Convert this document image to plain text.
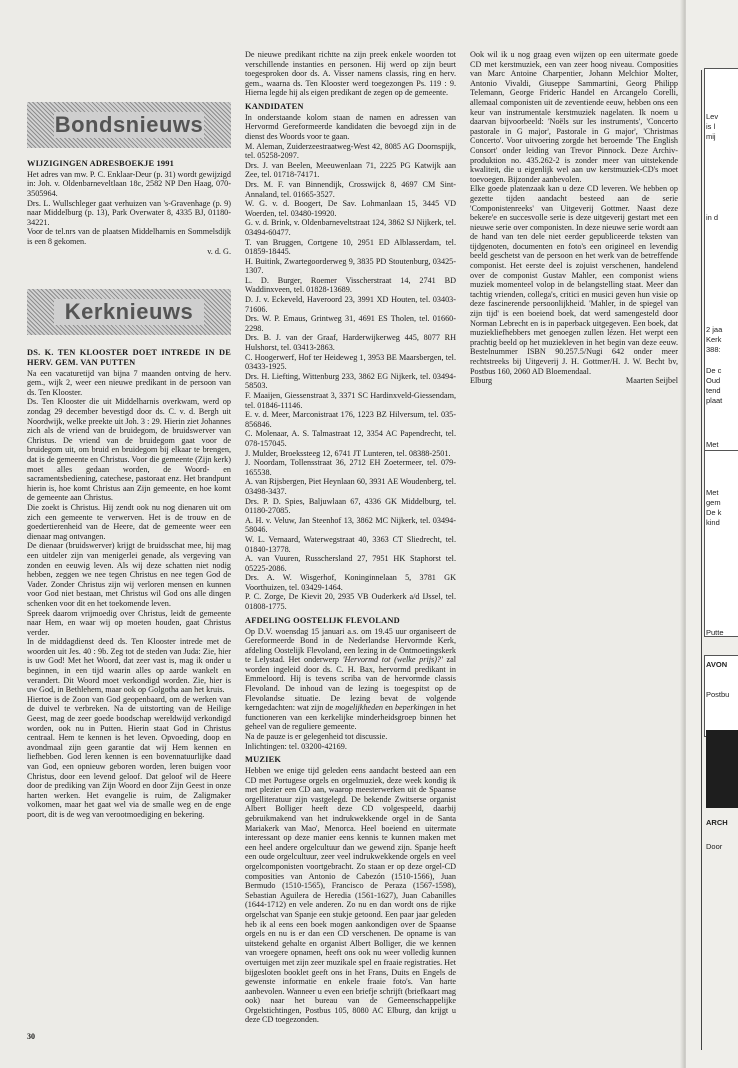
Bondsnieuws
WIJZIGINGEN ADRESBOEKJE 1991

Het adres van mw. P. C. Enklaar-Deur (p. 31) wordt gewijzigd in: Joh. v. Oldenbarneveltlaan 18c, 2582 NP Den Haag, 070-3505964.

Drs. L. Wullschleger gaat verhuizen van 's-Gravenhage (p. 9) naar Middelburg (p. 13), Park Overwater 8, 4335 BJ, 01180-34221.

Voor de tel.nrs van de plaatsen Middelharnis en Sommelsdijk is een 8 gekomen.

v. d. G.

Kerknieuws
DS. K. TEN KLOOSTER DOET INTREDE IN DE HERV. GEM. VAN PUTTEN

Na een vacaturetijd van bijna 7 maanden ontving de herv. gem., wijk 2, weer een nieuwe predikant in de persoon van ds. Ten Klooster.

Ds. Ten Klooster die uit Middelharnis overkwam, werd op zondag 29 december bevestigd door ds. C. v. d. Bergh uit Noordwijk, welke preekte uit Joh. 3 : 29. Hierin ziet Johannes zich als de vriend van de bruidegom, de bruidswerver van Christus. De vriend van de bruidegom gaat voor de bruidegom uit, om bruid en bruidegom bij elkaar te brengen, dat is de gemeente en Christus. Voor die gemeente (Zijn kerk) moet alles gedaan worden, de Woord- en sacramentsbediening, catechese, pastoraat enz. Het brandpunt hierin is, hoe komt Christus aan Zijn gemeente, en hoe komt de gemeente aan Christus.

Die zoekt is Christus. Hij zendt ook nu nog dienaren uit om zich een gemeente te verwerven. Het is de trouw en de goedertierenheid van de Heere, dat de gemeente weer een dienaar mag ontvangen.

De dienaar (bruidswerver) krijgt de bruidsschat mee, hij mag een uitdeler zijn van menigerlei genade, als vergeving van zonden en eeuwig leven. Als wij deze schatten niet nodig hebben, zeggen we nee tegen Christus en nee tegen God de Vader. Zonder Christus zijn wij verloren mensen en kunnen voor God niet bestaan, met Christus wil God ons alle dingen schenken voor dit en het toekomende leven.

Spreek daarom vrijmoedig over Christus, leidt de gemeente naar Hem, en waar wij op moeten houden, gaat Christus verder.

In de middagdienst deed ds. Ten Klooster intrede met de woorden uit Jes. 40 : 9b. Zeg tot de steden van Juda: Zie, hier is uw God! Met het Woord, dat zeer vast is, mag ik onder u beginnen, in een tijd waarin alles op aarde wankelt en verandert. Dit Woord moet verkondigd worden. Zie, hier is uw God, in Bethlehem, maar ook op Golgotha aan het kruis.

Hiertoe is de Zoon van God geopenbaard, om de werken van de duivel te verbreken. Na de uitstorting van de Heilige Geest, mag de zeer goede boodschap wereldwijd verkondigd worden, ook nu in Putten. Hierin staat God in Christus centraal. Hem te kennen is het leven. Opvoeding, doop en avondmaal zijn geen garantie dat wij Hem kennen en liefhebben. God leren kennen is een bovennatuurlijke daad van God, een opnieuw geboren worden, leren buigen voor Christus, door een levend geloof. Dat geloof wil de Heere door de prediking van Zijn Woord en door Zijn Geest in onze harten werken. Het evangelie is ruim, de Zaligmaker volkomen, maar het gaat wel via de smalle weg en de enge poort, dit is de weg van verootmoediging en bekering.

30

De nieuwe predikant richtte na zijn preek enkele woorden tot verschillende instanties en personen. Hij werd op zijn beurt toegesproken door ds. A. Visser namens classis, ring en herv. gem., waarna ds. Ten Klooster werd toegezongen Ps. 119 : 9. Hierna legde hij als eigen predikant de zegen op de gemeente.

KANDIDATEN

In onderstaande kolom staan de namen en adressen van Hervormd Gereformeerde kandidaten die bevoegd zijn in de dienst des Woords voor te gaan.

M. Aleman, Zuiderzeestraatweg-West 42, 8085 AG Doornspijk, tel. 05258-2097.

Drs. J. van Beelen, Meeuwenlaan 71, 2225 PG Katwijk aan Zee, tel. 01718-74171.

Drs. M. F. van Binnendijk, Crosswijck 8, 4697 CM Sint-Annaland, tel. 01665-3527.

W. G. v. d. Boogert, De Sav. Lohmanlaan 15, 3445 VD Woerden, tel. 03480-19920.

G. v. d. Brink, v. Oldenbarneveltstraat 124, 3862 SJ Nijkerk, tel. 03494-60477.

T. van Bruggen, Cortgene 10, 2951 ED Alblasserdam, tel. 01859-18445.

H. Buitink, Zwartegoorderweg 9, 3835 PD Stoutenburg, 03425-1307.

L. D. Burger, Roemer Visscherstraat 14, 2741 BD Waddinxveen, tel. 01828-13689.

D. J. v. Eckeveld, Haveroord 23, 3991 XD Houten, tel. 03403-71606.

Drs. W. P. Emaus, Grintweg 31, 4691 ES Tholen, tel. 01660-2298.

Drs. B. J. van der Graaf, Harderwijkerweg 445, 8077 RH Hulshorst, tel. 03413-2863.

C. Hoogerwerf, Hof ter Heideweg 1, 3953 BE Maarsbergen, tel. 03433-1925.

Drs. H. Liefting, Wittenburg 233, 3862 EG Nijkerk, tel. 03494-58503.

F. Maaijen, Giessenstraat 3, 3371 SC Hardinxveld-Giessendam, tel. 01846-11146.

E. v. d. Meer, Marconistraat 176, 1223 BZ Hilversum, tel. 035-856846.

C. Molenaar, A. S. Talmastraat 12, 3354 AC Papendrecht, tel. 078-157045.

J. Mulder, Broekssteeg 12, 6741 JT Lunteren, tel. 08388-2501.

J. Noordam, Tollensstraat 36, 2712 EH Zoetermeer, tel. 079-165538.

A. van Rijsbergen, Piet Heynlaan 60, 3931 AE Woudenberg, tel. 03498-3437.

Drs. P. D. Spies, Baljuwlaan 67, 4336 GK Middelburg, tel. 01180-27085.

A. H. v. Veluw, Jan Steenhof 13, 3862 MC Nijkerk, tel. 03494-58046.

W. L. Vernaard, Waterwegstraat 40, 3363 CT Sliedrecht, tel. 01840-13778.

A. van Vuuren, Russchersland 27, 7951 HK Staphorst tel. 05225-2086.

Drs. A. W. Wisgerhof, Koninginnelaan 5, 3781 GK Voorthuizen, tel. 03429-1464.

P. C. Zorge, De Kievit 20, 2935 VB Ouderkerk a/d IJssel, tel. 01808-1775.

AFDELING OOSTELIJK FLEVOLAND

Op D.V. woensdag 15 januari a.s. om 19.45 uur organiseert de Gereformeerde Bond in de Nederlandse Hervormde Kerk, afdeling Oostelijk Flevoland, een lezing in de Ontmoetingskerk te Lelystad. Het onderwerp 'Hervormd tot (welke prijs)?' zal worden ingeleid door ds. C. H. Bax, hervormd predikant in Emmeloord. Hij is tevens scriba van de hervormde classis Flevoland. De inhoud van de lezing is toegespitst op de Flevolandse situatie. De lezing bevat de volgende kerngedachten: wat zijn de mogelijkheden en beperkingen in het functioneren van een kerkelijke minderheidsgroep binnen het geheel van de reguliere gemeente.

Na de pauze is er gelegenheid tot discussie.

Inlichtingen: tel. 03200-42169.

MUZIEK

Hebben we enige tijd geleden eens aandacht besteed aan een CD met Portugese orgels en orgelmuziek, deze week kondig ik met plezier een CD aan, waarop meesterwerken uit de Spaanse orgelliteratuur zijn vastgelegd. De bekende Zwitserse organist Albert Bolliger heeft deze CD volgespeeld, daarbij gebruikmakend van het indrukwekkende orgel in de Santa Mariakerk van Mao', Menorca. Heel boeiend en uitermate interessant op deze manier eens kennis te kunnen maken met een heel andere orgelcultuur dan we gewend zijn. Spanje heeft een oude orgelcultuur, zeer veel indrukwekkende orgels en veel orgelcomponisten voortgebracht. Zo staan er op deze orgel-CD composities van Antonio de Cabezón (1510-1566), Juan Bermudo (1510-1565), Francisco de Peraza (1567-1598), Sebastian Aguilera de Heredia (1561-1627), Juan Cabanilles (1644-1712) en vele anderen. Zo nu en dan wordt ons de rijke orgelschat van Spanje een stukje getoond. Een paar jaar geleden heb ik al eens een boek mogen aankondigen over de Spaanse orgels en nu is er dan een CD verschenen. De opname is van uitstekend gehalte en organist Albert Bolliger, die we kennen van vroegere opnamen, heeft ons ook nu weer volledig kunnen overtuigen met zijn zeer muzikale spel en fraaie registraties. Het bijgesloten booklet geeft ons in het Frans, Duits en Engels de gewenste informatie en enkele fraaie foto's. Van harte aanbevolen. Wanneer u even een briefje schrijft (briefkaart mag ook) naar het bureau van de Gemeenschappelijke Orgelstichtingen, Postbus 105, 8080 AC Elburg, dan krijgt u deze CD toegezonden.

Ook wil ik u nog graag even wijzen op een uitermate goede CD met kerstmuziek, een van zeer hoog niveau. Composities van Marc Antoine Charpentier, Johann Melchior Molter, Antonio Vivaldi, Giuseppe Sammartini, Georg Philipp Telemann, George Frideric Handel en Arcangelo Corelli, allemaal componisten uit de zeventiende eeuw, hebben ons een keur van instrumentale kerstmuziek nagelaten. Ik noem u daarvan bijvoorbeeld: 'Noëls sur les instruments', 'Concerto pastorale in G major', Pastorale in G major', 'Christmas Concerto'. Voor uitvoering zorgde het beroemde 'The English Consort' onder leiding van Trevor Pinnock. Deze Archiv-produktion no. 435.262-2 is zonder meer van uitstekende kwaliteit, die u eigenlijk wel aan uw kerstmuziek-CD's moet toevoegen. Bijzonder aanbevolen.

Elke goede platenzaak kan u deze CD leveren. We hebben op gezette tijden aandacht besteed aan de serie 'Componistenreeks' van Uitgeverij Gottmer. Naast deze bekere'e en succesvolle serie is deze uitgeverij gestart met een nieuwe serie over componisten. In deze nieuwe serie wordt aan de hand van ten dele niet eerder gepubliceerde teksten van tijdgenoten, documenten en foto's een origineel en levendig beeld geschetst van de persoon en het werk van de betreffende componist. Het eerste deel is zojuist verschenen, handelend over de componist Gustav Mahler, een componist wiens muziek momenteel volop in de belangstelling staat. Meer dan tachtig vrienden, collega's, critici en musici geven hun visie op deze fascinerende persoonlijkheid. 'Mahler, in de spiegel van zijn tijd' is een boeiend boek, dat werd samengesteld door Norman Lebrecht en is in paperback uitgegeven. Een boek, dat muziekliefhebbers met genoegen zullen lézen. Het werpt een prachtig beeld op het muziekleven in het begin van deze eeuw. Bestelnummer ISBN 90.257.5/Nugi 642 onder meer rechtstreeks bij Uitgeverij J. H. Gottmer/H. J. W. Becht bv, Postbus 160, 2060 AD Bloemendaal.

Elburg	Maarten Seijbel

Lev
is l
mij
in d
2 jaa
Kerk
388:
De c
Oud
tend
plaat
Met
Met
gem
De k
kind
Putte
AVON
Postbu
ARCH
Door
